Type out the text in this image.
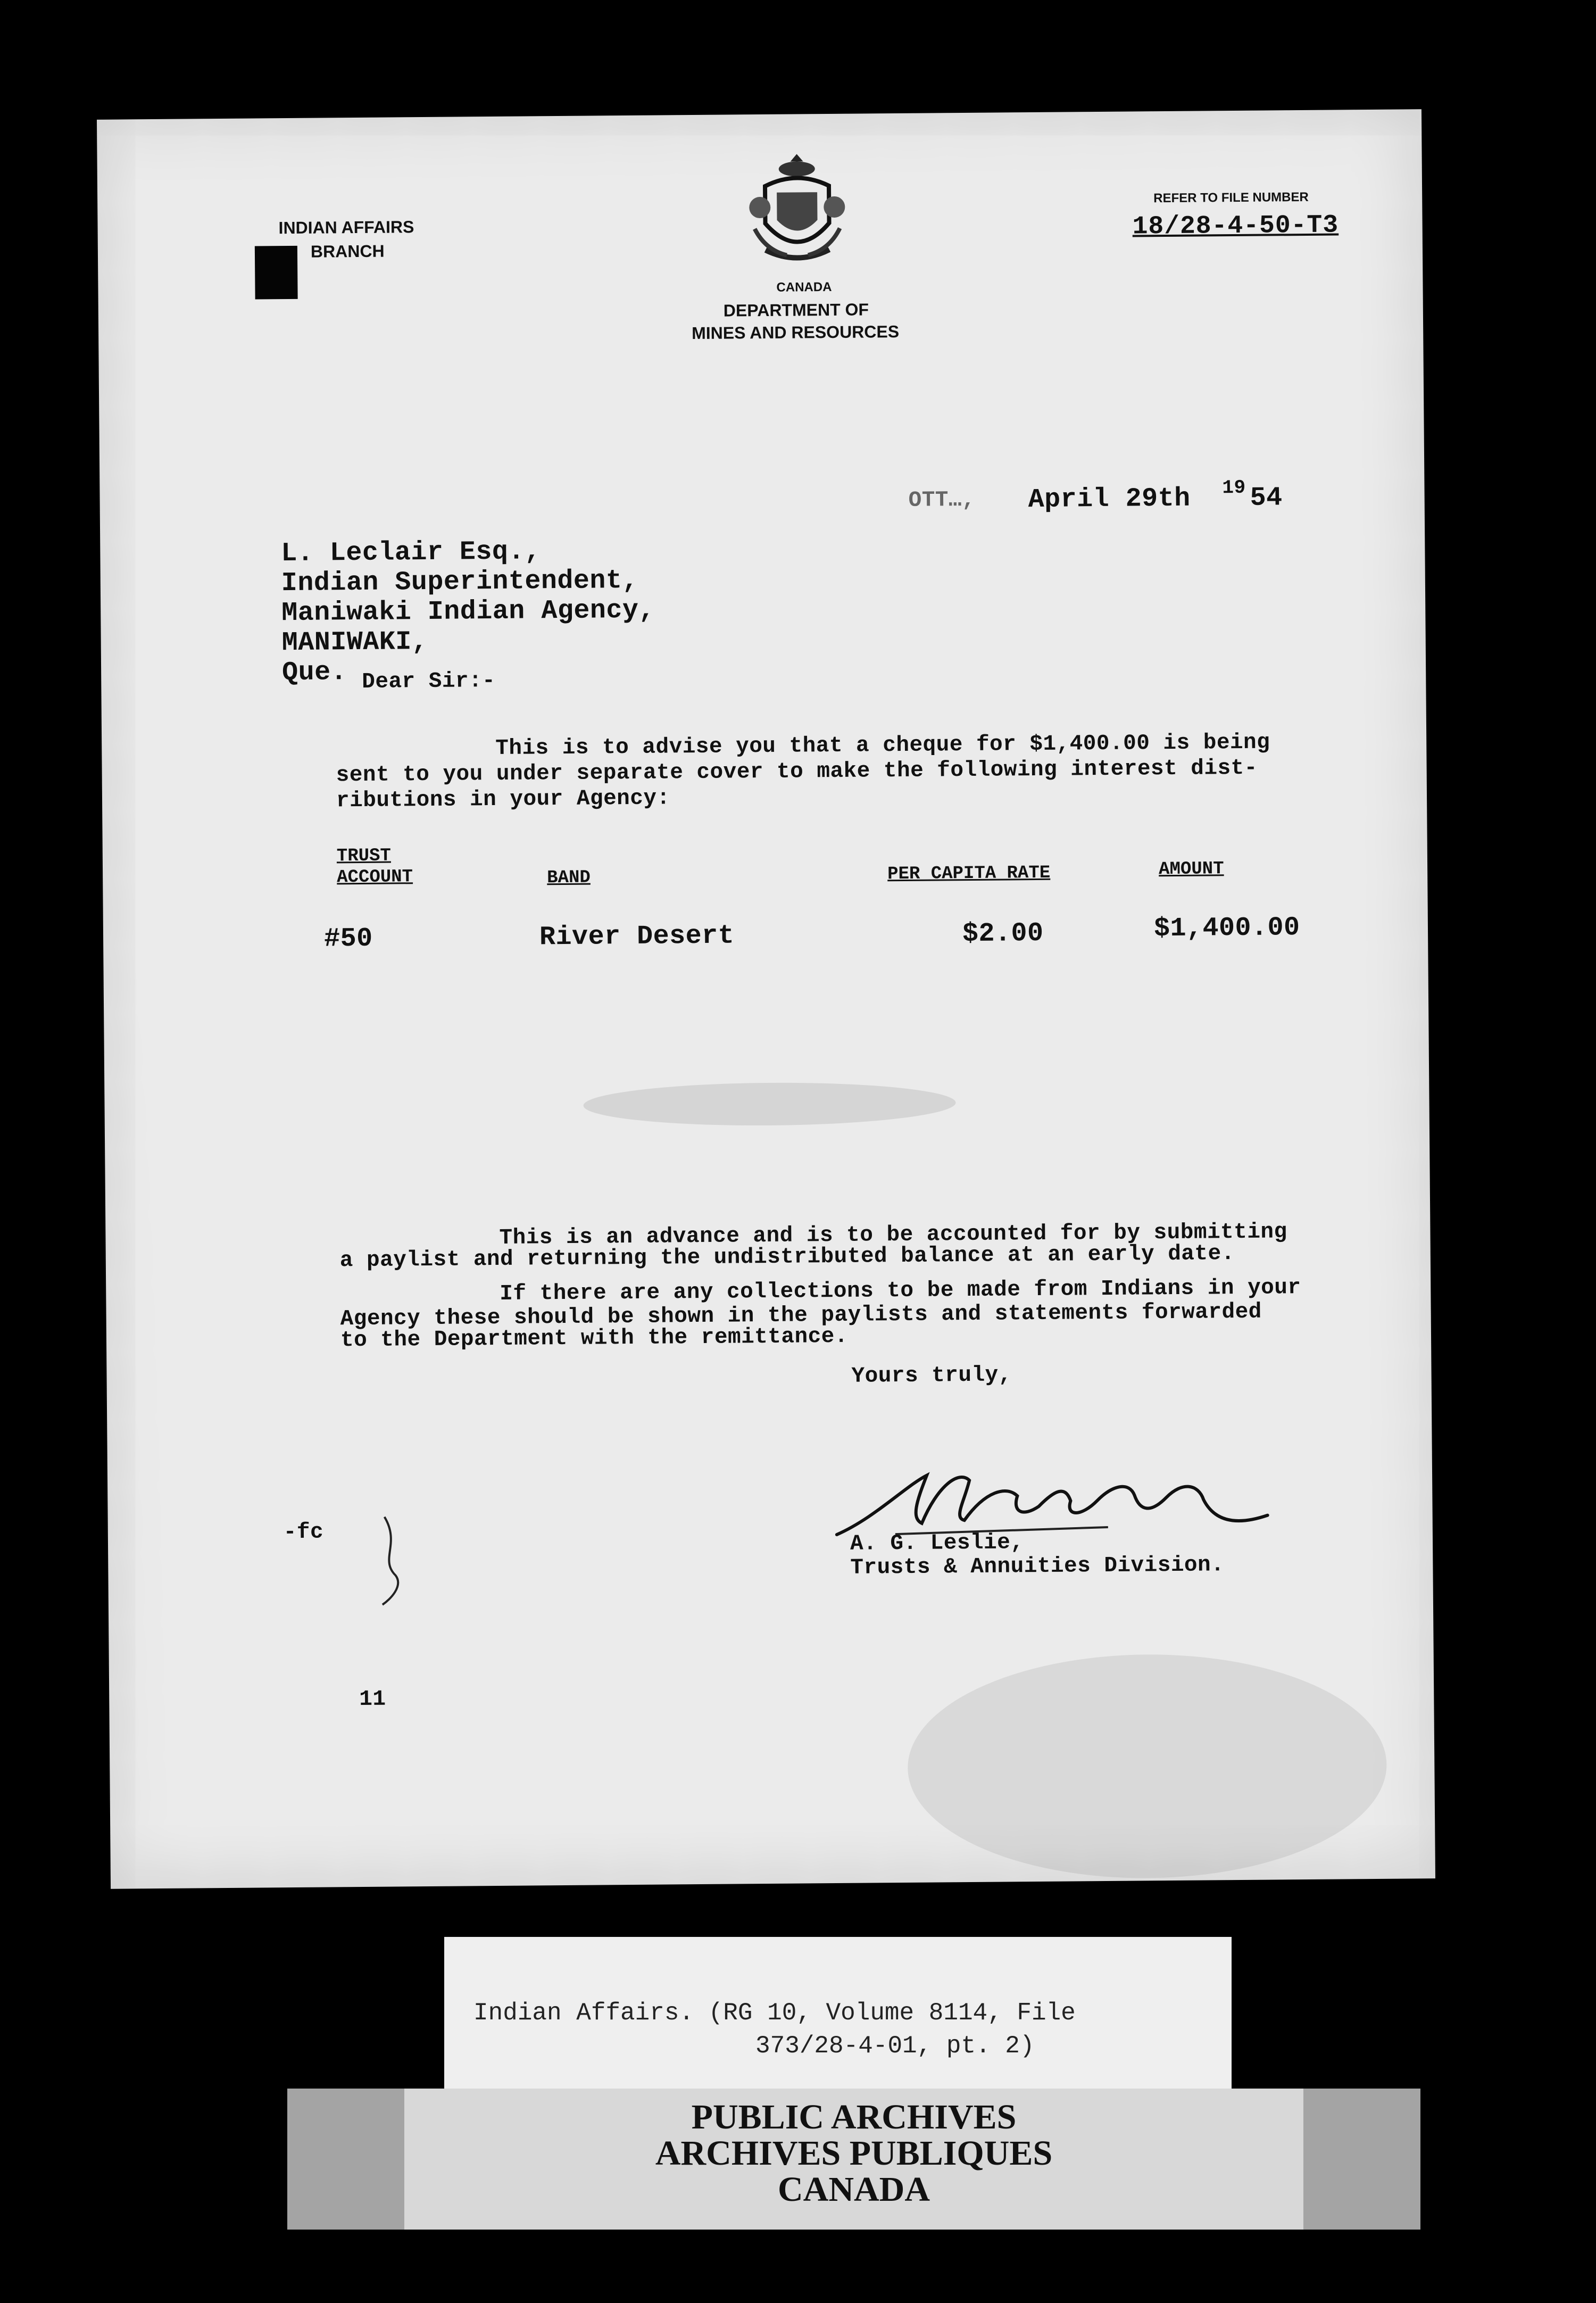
INDIAN AFFAIRS
BRANCH
CANADA
DEPARTMENT OF
MINES AND RESOURCES
REFER TO FILE NUMBER
18/28-4-50-T3
OTT…, April 29th 19 54
L. Leclair Esq.,
Indian Superintendent,
Maniwaki Indian Agency,
MANIWAKI,
Que. Dear Sir:-
This is to advise you that a cheque for $1,400.00 is being
sent to you under separate cover to make the following interest dist-
ributions in your Agency:
TRUST
ACCOUNT	BAND	PER CAPITA RATE	AMOUNT
#50	River Desert	$2.00	$1,400.00
This is an advance and is to be accounted for by submitting
a paylist and returning the undistributed balance at an early date.
If there are any collections to be made from Indians in your
Agency these should be shown in the paylists and statements forwarded
to the Department with the remittance.
Yours truly,
A. G. Leslie,
Trusts & Annuities Division.
-fc
11
Indian Affairs. (RG 10, Volume 8114, File
373/28-4-01, pt. 2)
PUBLIC ARCHIVES
ARCHIVES PUBLIQUES
CANADA
